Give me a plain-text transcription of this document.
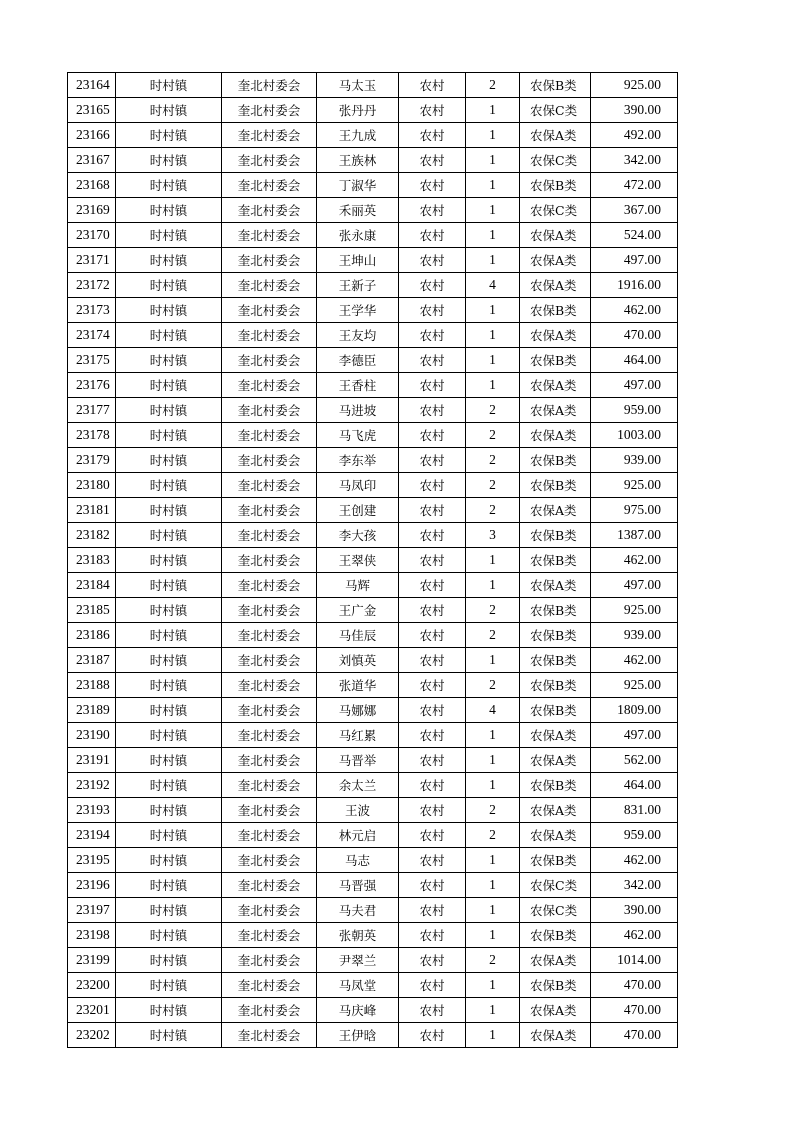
23164	时村镇	奎北村委会	马太玉	农村	2	农保B类	925.00
23165	时村镇	奎北村委会	张丹丹	农村	1	农保C类	390.00
23166	时村镇	奎北村委会	王九成	农村	1	农保A类	492.00
23167	时村镇	奎北村委会	王族林	农村	1	农保C类	342.00
23168	时村镇	奎北村委会	丁淑华	农村	1	农保B类	472.00
23169	时村镇	奎北村委会	禾丽英	农村	1	农保C类	367.00
23170	时村镇	奎北村委会	张永康	农村	1	农保A类	524.00
23171	时村镇	奎北村委会	王坤山	农村	1	农保A类	497.00
23172	时村镇	奎北村委会	王新子	农村	4	农保A类	1916.00
23173	时村镇	奎北村委会	王学华	农村	1	农保B类	462.00
23174	时村镇	奎北村委会	王友均	农村	1	农保A类	470.00
23175	时村镇	奎北村委会	李德臣	农村	1	农保B类	464.00
23176	时村镇	奎北村委会	王香柱	农村	1	农保A类	497.00
23177	时村镇	奎北村委会	马进坡	农村	2	农保A类	959.00
23178	时村镇	奎北村委会	马飞虎	农村	2	农保A类	1003.00
23179	时村镇	奎北村委会	李东举	农村	2	农保B类	939.00
23180	时村镇	奎北村委会	马凤印	农村	2	农保B类	925.00
23181	时村镇	奎北村委会	王创建	农村	2	农保A类	975.00
23182	时村镇	奎北村委会	李大孩	农村	3	农保B类	1387.00
23183	时村镇	奎北村委会	王翠侠	农村	1	农保B类	462.00
23184	时村镇	奎北村委会	马辉	农村	1	农保A类	497.00
23185	时村镇	奎北村委会	王广金	农村	2	农保B类	925.00
23186	时村镇	奎北村委会	马佳辰	农村	2	农保B类	939.00
23187	时村镇	奎北村委会	刘慎英	农村	1	农保B类	462.00
23188	时村镇	奎北村委会	张道华	农村	2	农保B类	925.00
23189	时村镇	奎北村委会	马娜娜	农村	4	农保B类	1809.00
23190	时村镇	奎北村委会	马红累	农村	1	农保A类	497.00
23191	时村镇	奎北村委会	马晋举	农村	1	农保A类	562.00
23192	时村镇	奎北村委会	余太兰	农村	1	农保B类	464.00
23193	时村镇	奎北村委会	王波	农村	2	农保A类	831.00
23194	时村镇	奎北村委会	林元启	农村	2	农保A类	959.00
23195	时村镇	奎北村委会	马志	农村	1	农保B类	462.00
23196	时村镇	奎北村委会	马晋强	农村	1	农保C类	342.00
23197	时村镇	奎北村委会	马夫君	农村	1	农保C类	390.00
23198	时村镇	奎北村委会	张朝英	农村	1	农保B类	462.00
23199	时村镇	奎北村委会	尹翠兰	农村	2	农保A类	1014.00
23200	时村镇	奎北村委会	马凤堂	农村	1	农保B类	470.00
23201	时村镇	奎北村委会	马庆峰	农村	1	农保A类	470.00
23202	时村镇	奎北村委会	王伊晗	农村	1	农保A类	470.00
